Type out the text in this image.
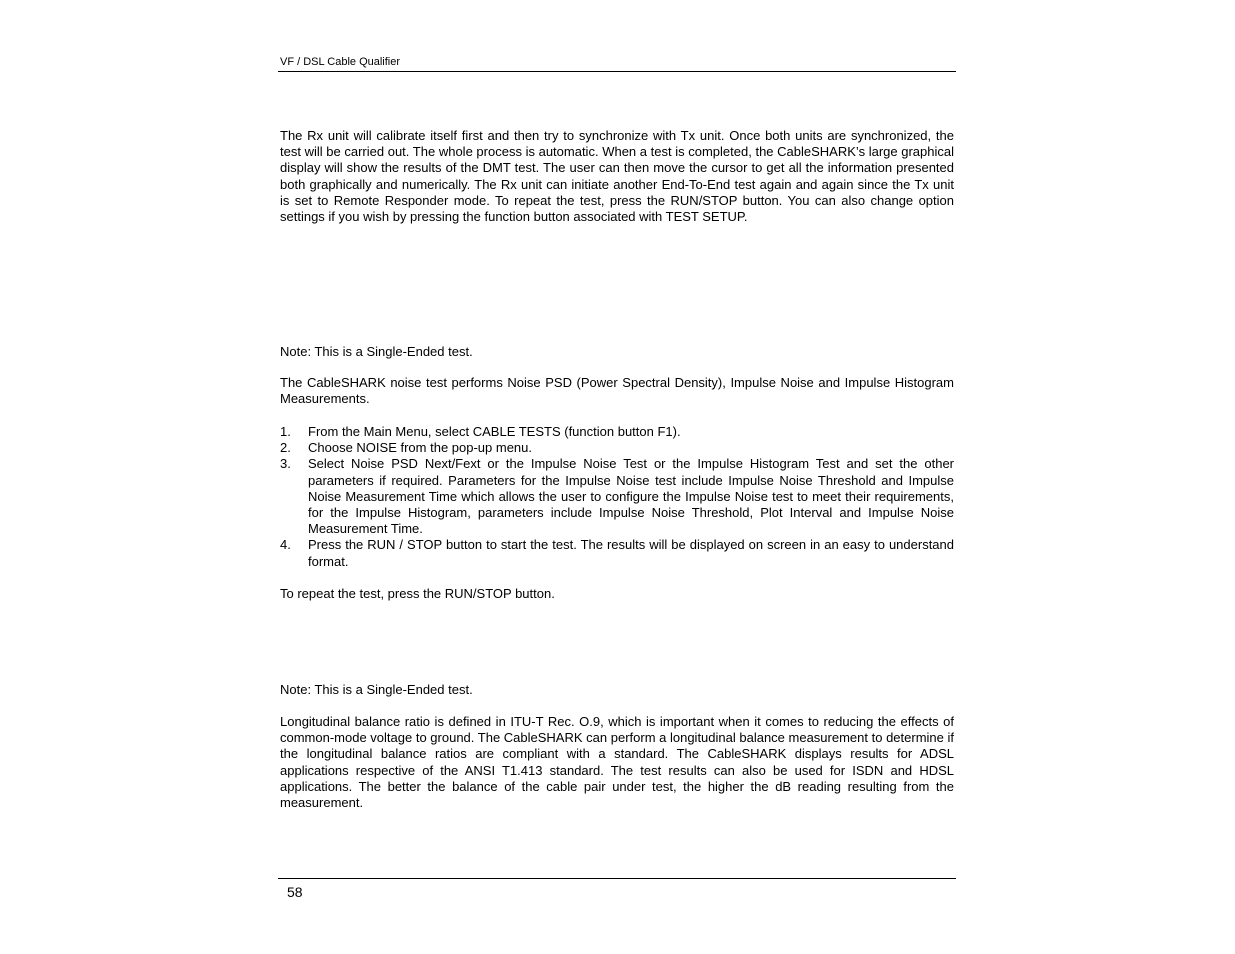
VF / DSL Cable Qualifier

The Rx unit will calibrate itself first and then try to synchronize with Tx unit. Once both units are synchronized, the test will be carried out. The whole process is automatic. When a test is completed, the CableSHARK’s large graphical display will show the results of the DMT test. The user can then move the cursor to get all the information presented both graphically and numerically. The Rx unit can initiate another End-To-End test again and again since the Tx unit is set to Remote Responder mode. To repeat the test, press the RUN/STOP button. You can also change option settings if you wish by pressing the function button associated with TEST SETUP.

Note: This is a Single-Ended test.

The CableSHARK noise test performs Noise PSD (Power Spectral Density), Impulse Noise and Impulse Histogram Measurements.

1. From the Main Menu, select CABLE TESTS (function button F1).
2. Choose NOISE from the pop-up menu.
3. Select Noise PSD Next/Fext or the Impulse Noise Test or the Impulse Histogram Test and set the other parameters if required. Parameters for the Impulse Noise test include Impulse Noise Threshold and Impulse Noise Measurement Time which allows the user to configure the Impulse Noise test to meet their requirements, for the Impulse Histogram, parameters include Impulse Noise Threshold, Plot Interval and Impulse Noise Measurement Time.
4. Press the RUN / STOP button to start the test. The results will be displayed on screen in an easy to understand format.

To repeat the test, press the RUN/STOP button.

Note: This is a Single-Ended test.

Longitudinal balance ratio is defined in ITU-T Rec. O.9, which is important when it comes to reducing the effects of common-mode voltage to ground. The CableSHARK can perform a longitudinal balance measurement to determine if the longitudinal balance ratios are compliant with a standard. The CableSHARK displays results for ADSL applications respective of the ANSI T1.413 standard. The test results can also be used for ISDN and HDSL applications. The better the balance of the cable pair under test, the higher the dB reading resulting from the measurement.

58
